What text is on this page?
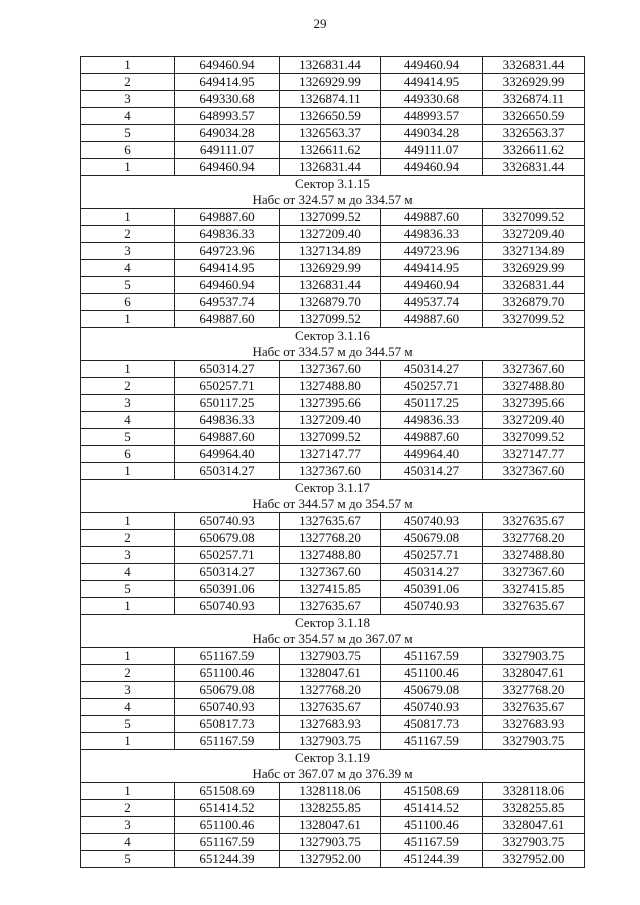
29
1	649460.94	1326831.44	449460.94	3326831.44
2	649414.95	1326929.99	449414.95	3326929.99
3	649330.68	1326874.11	449330.68	3326874.11
4	648993.57	1326650.59	448993.57	3326650.59
5	649034.28	1326563.37	449034.28	3326563.37
6	649111.07	1326611.62	449111.07	3326611.62
1	649460.94	1326831.44	449460.94	3326831.44

Сектор 3.1.15
Набс от 324.57 м до 334.57 м				

1	649887.60	1327099.52	449887.60	3327099.52
2	649836.33	1327209.40	449836.33	3327209.40
3	649723.96	1327134.89	449723.96	3327134.89
4	649414.95	1326929.99	449414.95	3326929.99
5	649460.94	1326831.44	449460.94	3326831.44
6	649537.74	1326879.70	449537.74	3326879.70
1	649887.60	1327099.52	449887.60	3327099.52

Сектор 3.1.16
Набс от 334.57 м до 344.57 м				

1	650314.27	1327367.60	450314.27	3327367.60
2	650257.71	1327488.80	450257.71	3327488.80
3	650117.25	1327395.66	450117.25	3327395.66
4	649836.33	1327209.40	449836.33	3327209.40
5	649887.60	1327099.52	449887.60	3327099.52
6	649964.40	1327147.77	449964.40	3327147.77
1	650314.27	1327367.60	450314.27	3327367.60

Сектор 3.1.17
Набс от 344.57 м до 354.57 м				

1	650740.93	1327635.67	450740.93	3327635.67
2	650679.08	1327768.20	450679.08	3327768.20
3	650257.71	1327488.80	450257.71	3327488.80
4	650314.27	1327367.60	450314.27	3327367.60
5	650391.06	1327415.85	450391.06	3327415.85
1	650740.93	1327635.67	450740.93	3327635.67

Сектор 3.1.18
Набс от 354.57 м до 367.07 м				

1	651167.59	1327903.75	451167.59	3327903.75
2	651100.46	1328047.61	451100.46	3328047.61
3	650679.08	1327768.20	450679.08	3327768.20
4	650740.93	1327635.67	450740.93	3327635.67
5	650817.73	1327683.93	450817.73	3327683.93
1	651167.59	1327903.75	451167.59	3327903.75

Сектор 3.1.19
Набс от 367.07 м до 376.39 м				

1	651508.69	1328118.06	451508.69	3328118.06
2	651414.52	1328255.85	451414.52	3328255.85
3	651100.46	1328047.61	451100.46	3328047.61
4	651167.59	1327903.75	451167.59	3327903.75
5	651244.39	1327952.00	451244.39	3327952.00
